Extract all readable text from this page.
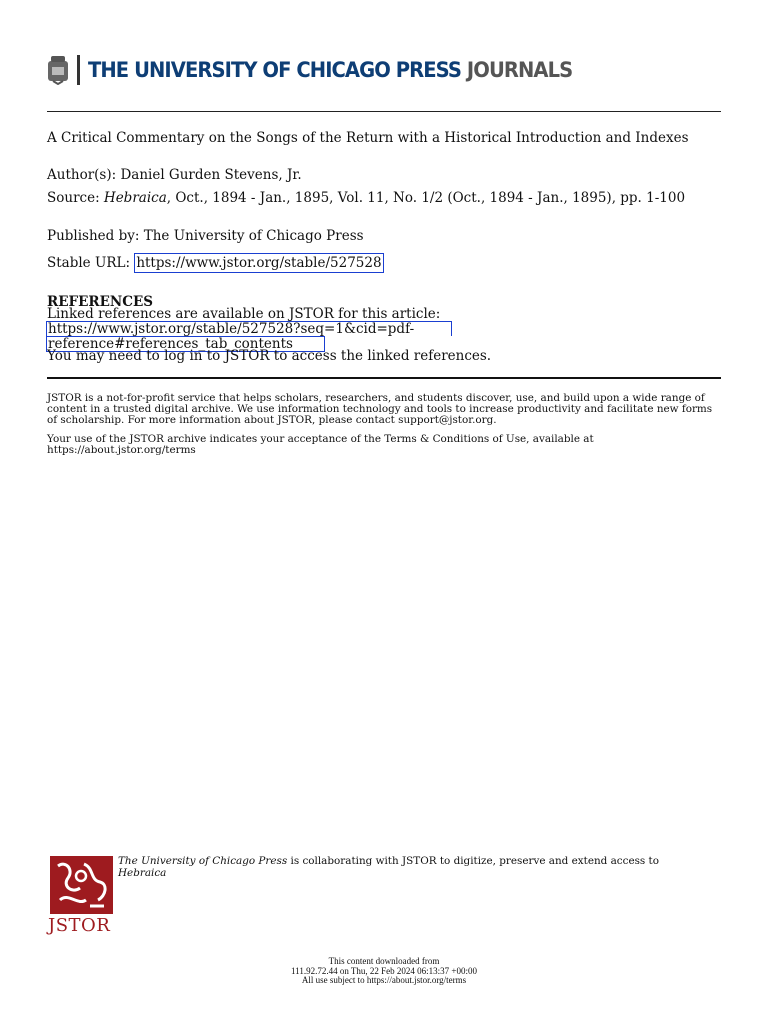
THE UNIVERSITY OF CHICAGO PRESS JOURNALS
A Critical Commentary on the Songs of the Return with a Historical Introduction and Indexes
Author(s): Daniel Gurden Stevens, Jr.
Source: Hebraica, Oct., 1894 - Jan., 1895, Vol. 11, No. 1/2 (Oct., 1894 - Jan., 1895), pp. 1-100
Published by: The University of Chicago Press
Stable URL: https://www.jstor.org/stable/527528
REFERENCES
Linked references are available on JSTOR for this article:
https://www.jstor.org/stable/527528?seq=1&cid=pdf-
reference#references_tab_contents
You may need to log in to JSTOR to access the linked references.
JSTOR is a not-for-profit service that helps scholars, researchers, and students discover, use, and build upon a wide range of content in a trusted digital archive. We use information technology and tools to increase productivity and facilitate new forms of scholarship. For more information about JSTOR, please contact support@jstor.org.
Your use of the JSTOR archive indicates your acceptance of the Terms & Conditions of Use, available at https://about.jstor.org/terms
JSTOR
The University of Chicago Press is collaborating with JSTOR to digitize, preserve and extend access to Hebraica
This content downloaded from
111.92.72.44 on Thu, 22 Feb 2024 06:13:37 +00:00
All use subject to https://about.jstor.org/terms
